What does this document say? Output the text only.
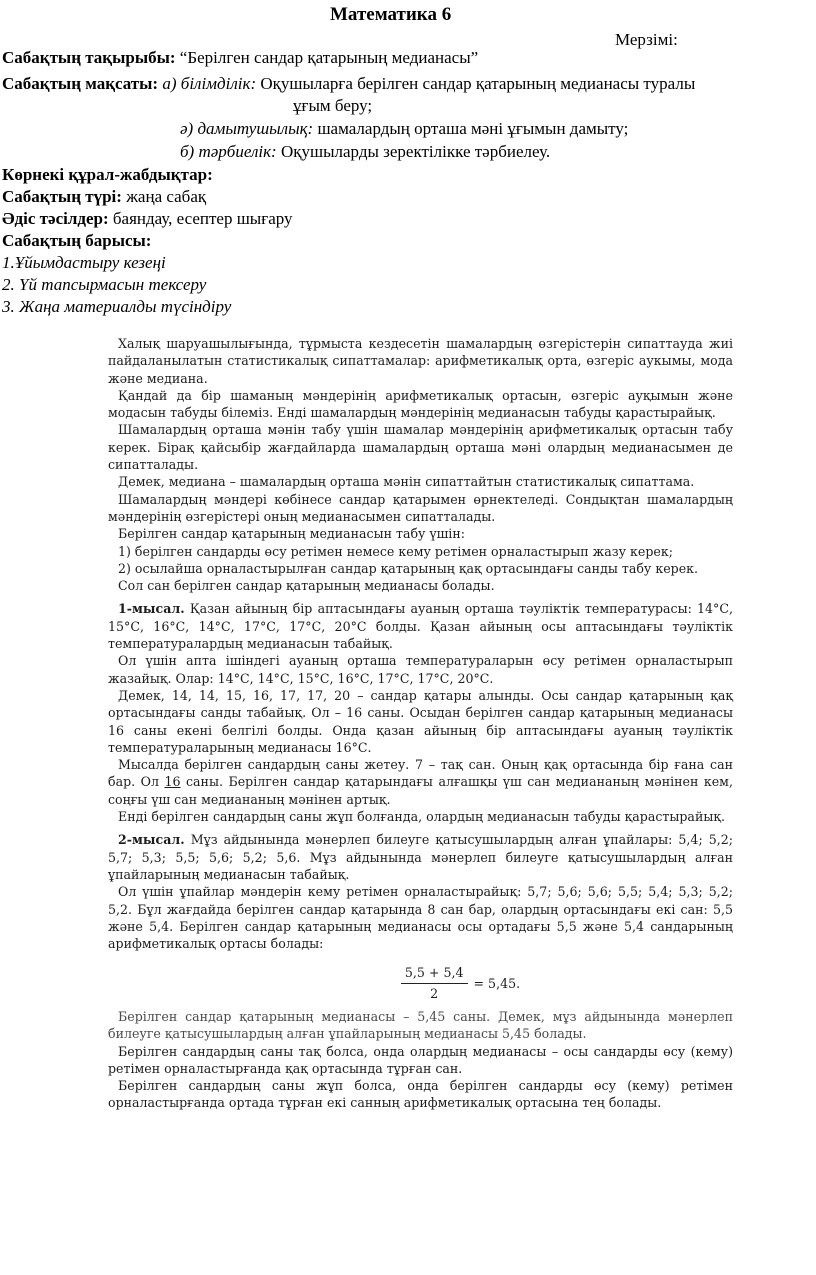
Математика 6
Мерзімі:
Сабақтың тақырыбы: “Берілген сандар қатарының медианасы”
Сабақтың мақсаты: а) білімділік: Оқушыларға берілген сандар қатарының медианасы туралы
ұғым беру;
ә) дамытушылық: шамалардың орташа мәні ұғымын дамыту;
б) тәрбиелік: Оқушыларды зеректілікке тәрбиелеу.
Көрнекі құрал-жабдықтар:
Сабақтың түрі: жаңа сабақ
Әдіс тәсілдер: баяндау, есептер шығару
Сабақтың барысы:
1.Ұйымдастыру кезеңі
2. Үй тапсырмасын тексеру
3. Жаңа материалды түсіндіру

Халық шаруашылығында, тұрмыста кездесетін шамалардың өзгерістерін сипаттауда жиі пайдаланылатын статистикалық сипаттамалар: арифметикалық орта, өзгеріс аукымы, мода және медиана.

Қандай да бір шаманың мәндерінің арифметикалық ортасын, өзгеріс ауқымын және модасын табуды білеміз. Енді шамалардың мәндерінің медианасын табуды қарастырайық.

Шамалардың орташа мәнін табу үшін шамалар мәндерінің арифметикалық ортасын табу керек. Бірақ қайсыбір жағдайларда шамалардың орташа мәні олардың медианасымен де сипатталады.

Демек, медиана – шамалардың орташа мәнін сипаттайтын статистикалық сипаттама.

Шамалардың мәндері көбінесе сандар қатарымен өрнектеледі. Сондықтан шамалардың мәндерінің өзгерістері оның медианасымен сипатталады.

Берілген сандар қатарының медианасын табу үшін:

1) берілген сандарды өсу ретімен немесе кему ретімен орналастырып жазу керек;

2) осылайша орналастырылған сандар қатарының қақ ортасындағы санды табу керек.

Сол сан берілген сандар қатарының медианасы болады.

1-мысал. Қазан айының бір аптасындағы ауаның орташа тәуліктік температурасы: 14°С, 15°С, 16°С, 14°С, 17°С, 17°С, 20°С болды. Қазан айының осы аптасындағы тәуліктік температуралардың медианасын табайық.

Ол үшін апта ішіндегі ауаның орташа температураларын өсу ретімен орналастырып жазайық. Олар: 14°С, 14°С, 15°С, 16°С, 17°С, 17°С, 20°С.

Демек, 14, 14, 15, 16, 17, 17, 20 – сандар қатары алынды. Осы сандар қатарының қақ ортасындағы санды табайық. Ол – 16 саны. Осыдан берілген сандар қатарының медианасы 16 саны екені белгілі болды. Онда қазан айының бір аптасындағы ауаның тәуліктік температураларының медианасы 16°С.

Мысалда берілген сандардың саны жетеу. 7 – тақ сан. Оның қақ ортасында бір ғана сан бар. Ол 16 саны. Берілген сандар қатарындағы алғашқы үш сан медиананың мәнінен кем, соңғы үш сан медиананың мәнінен артық.

Енді берілген сандардың саны жұп болғанда, олардың медианасын табуды қарастырайық.

2-мысал. Мұз айдынында мәнерлеп билеуге қатысушылардың алған ұпайлары: 5,4; 5,2; 5,7; 5,3; 5,5; 5,6; 5,2; 5,6. Мұз айдынында мәнерлеп билеуге қатысушылардың алған ұпайларының медианасын табайық.

Ол үшін ұпайлар мәндерін кему ретімен орналастырайық: 5,7; 5,6; 5,6; 5,5; 5,4; 5,3; 5,2; 5,2. Бұл жағдайда берілген сандар қатарында 8 сан бар, олардың ортасындағы екі сан: 5,5 және 5,4. Берілген сандар қатарының медианасы осы ортадағы 5,5 және 5,4 сандарының арифметикалық ортасы болады:

$\frac{5,5 + 5,4}{2} = 5,45$.

Берілген сандар қатарының медианасы – 5,45 саны. Демек, мұз айдынында мәнерлеп билеуге қатысушылардың алған ұпайларының медианасы 5,45 болады.

Берілген сандардың саны тақ болса, онда олардың медианасы – осы сандарды өсу (кему) ретімен орналастырғанда қақ ортасында тұрған сан.

Берілген сандардың саны жұп болса, онда берілген сандарды өсу (кему) ретімен орналастырғанда ортада тұрған екі санның арифметикалық ортасына тең болады.
